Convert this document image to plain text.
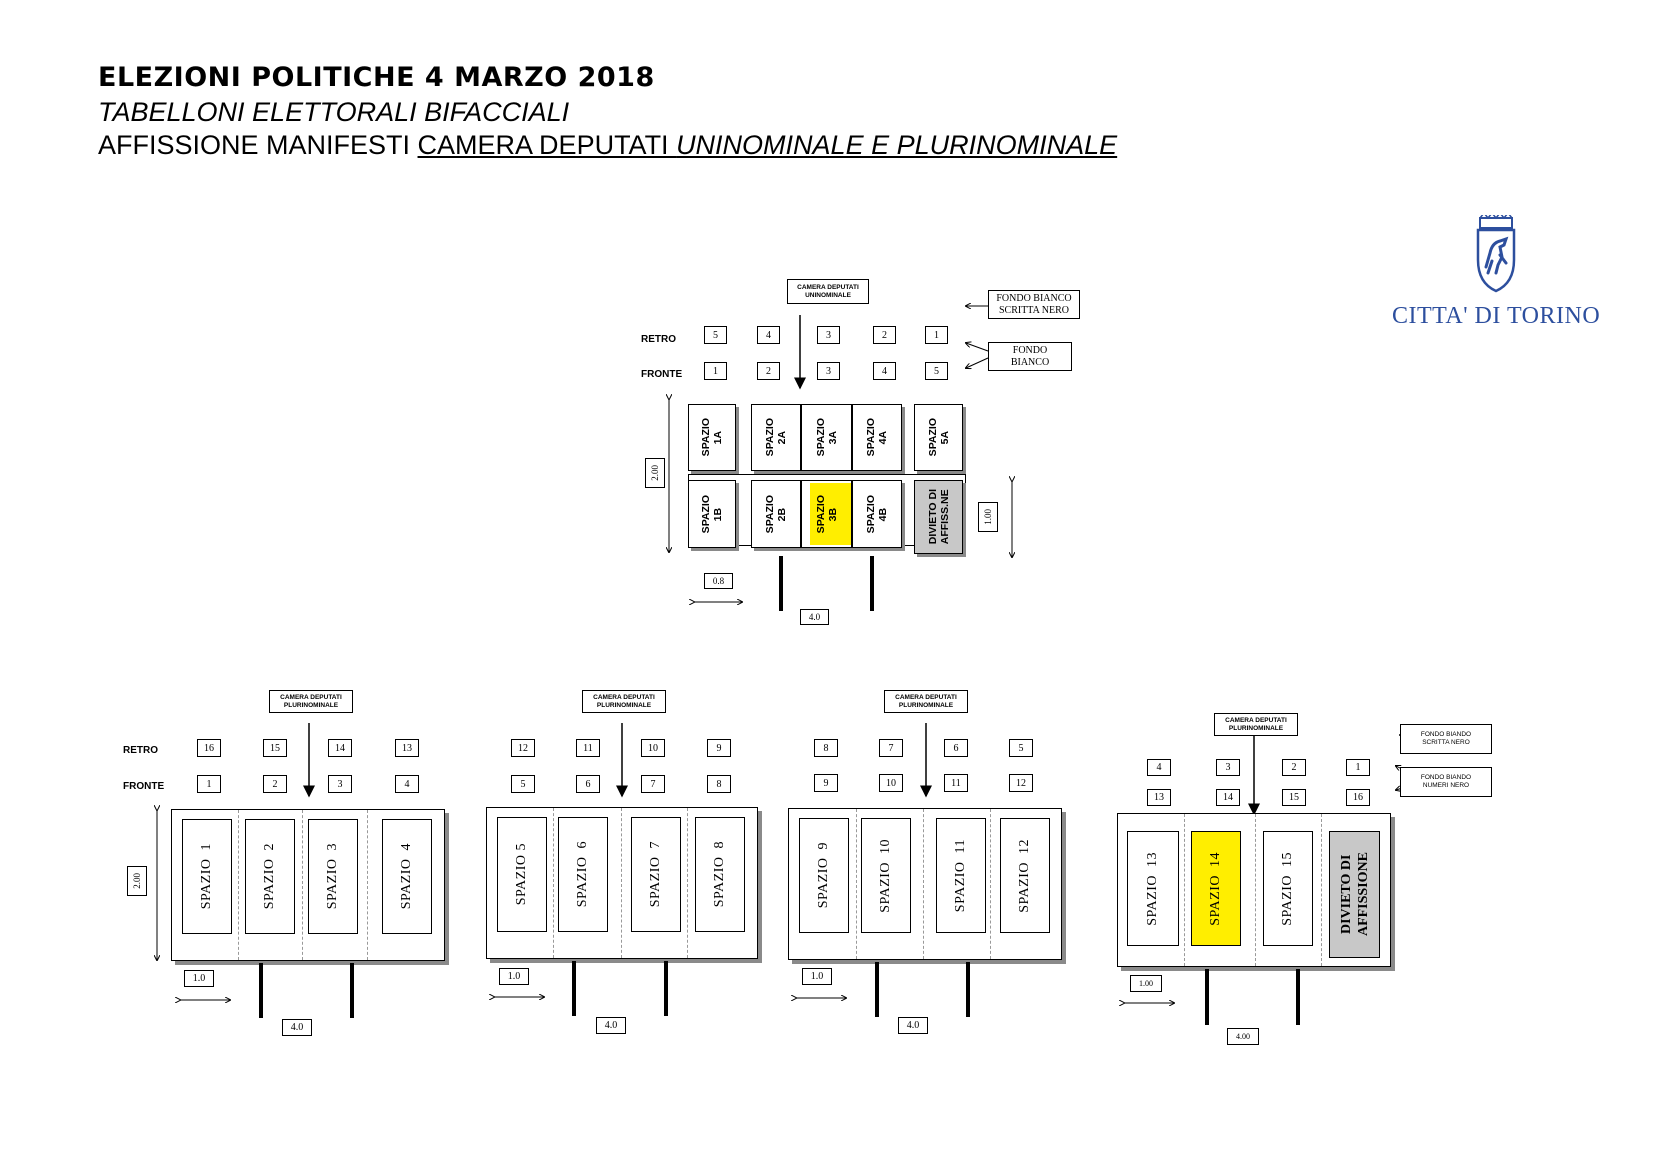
ELEZIONI POLITICHE 4 MARZO 2018
TABELLONI ELETTORALI BIFACCIALI
AFFISSIONE MANIFESTI CAMERA DEPUTATI UNINOMINALE E PLURINOMINALE
CITTA' DI TORINO
CAMERA DEPUTATI
UNINOMINALE	FONDO BIANCO
SCRITTA NERO
FONDO
BIANCO
RETRO
FRONTE
5	4	3	2	1
1	2	3	4	5
SPAZIO
1A	SPAZIO
2A	SPAZIO
3A	SPAZIO
4A	SPAZIO
5A
SPAZIO
1B	SPAZIO
2B	SPAZIO
3B	SPAZIO
4B	DIVIETO DI
AFFISS.NE
2.00
1.00
0.8
4.0
CAMERA DEPUTATI
PLURINOMINALE
RETRO
FRONTE
16	15	14	13
1	2	3	4
SPAZIO  1	SPAZIO  2	SPAZIO  3	SPAZIO  4
2.00
1.0
4.0
CAMERA DEPUTATI
PLURINOMINALE
12	11	10	9
5	6	7	8
SPAZIO 5	SPAZIO  6	SPAZIO  7	SPAZIO  8
1.0
4.0
CAMERA DEPUTATI
PLURINOMINALE
8	7	6	5
9	10	11	12
SPAZIO  9	SPAZIO  10	SPAZIO  11	SPAZIO  12
1.0
4.0
CAMERA DEPUTATI
PLURINOMINALE
FONDO BIANDO
SCRITTA NERO
FONDO BIANDO
NUMERI NERO
4	3	2	1
13	14	15	16
SPAZIO  13	SPAZIO  14	SPAZIO  15	DIVIETO DI
AFFISSIONE
1.00
4.00
